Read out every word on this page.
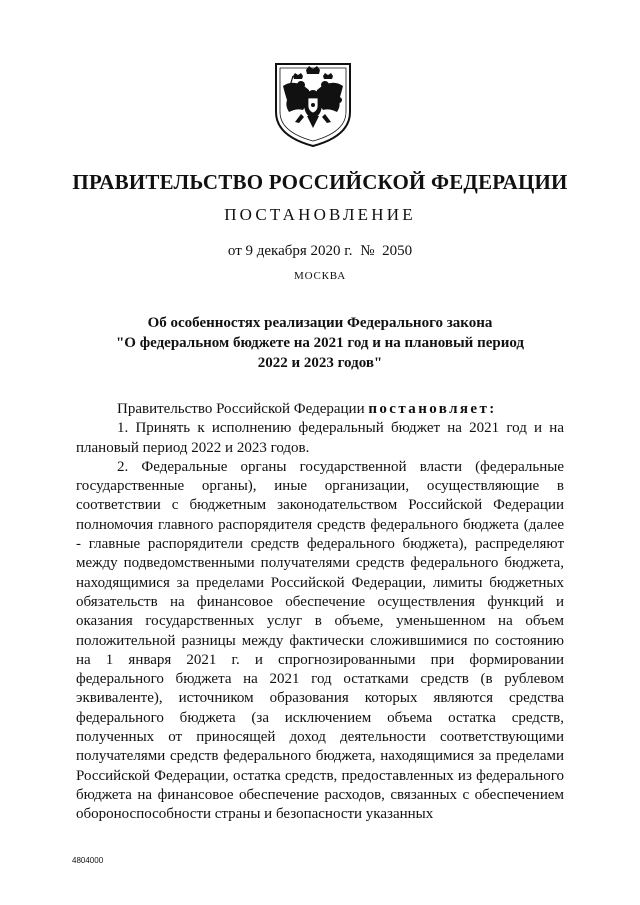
ПРАВИТЕЛЬСТВО РОССИЙСКОЙ ФЕДЕРАЦИИ
ПОСТАНОВЛЕНИЕ
от 9 декабря 2020 г. № 2050
МОСКВА
Об особенностях реализации Федерального закона
"О федеральном бюджете на 2021 год и на плановый период
2022 и 2023 годов"

Правительство Российской Федерации постановляет:

1. Принять к исполнению федеральный бюджет на 2021 год и на плановый период 2022 и 2023 годов.

2. Федеральные органы государственной власти (федеральные государственные органы), иные организации, осуществляющие в соответствии с бюджетным законодательством Российской Федерации полномочия главного распорядителя средств федерального бюджета (далее - главные распорядители средств федерального бюджета), распределяют между подведомственными получателями средств федерального бюджета, находящимися за пределами Российской Федерации, лимиты бюджетных обязательств на финансовое обеспечение осуществления функций и оказания государственных услуг в объеме, уменьшенном на объем положительной разницы между фактически сложившимися по состоянию на 1 января 2021 г. и спрогнозированными при формировании федерального бюджета на 2021 год остатками средств (в рублевом эквиваленте), источником образования которых являются средства федерального бюджета (за исключением объема остатка средств, полученных от приносящей доход деятельности соответствующими получателями средств федерального бюджета, находящимися за пределами Российской Федерации, остатка средств, предоставленных из федерального бюджета на финансовое обеспечение расходов, связанных с обеспечением обороноспособности страны и безопасности указанных

4804000
